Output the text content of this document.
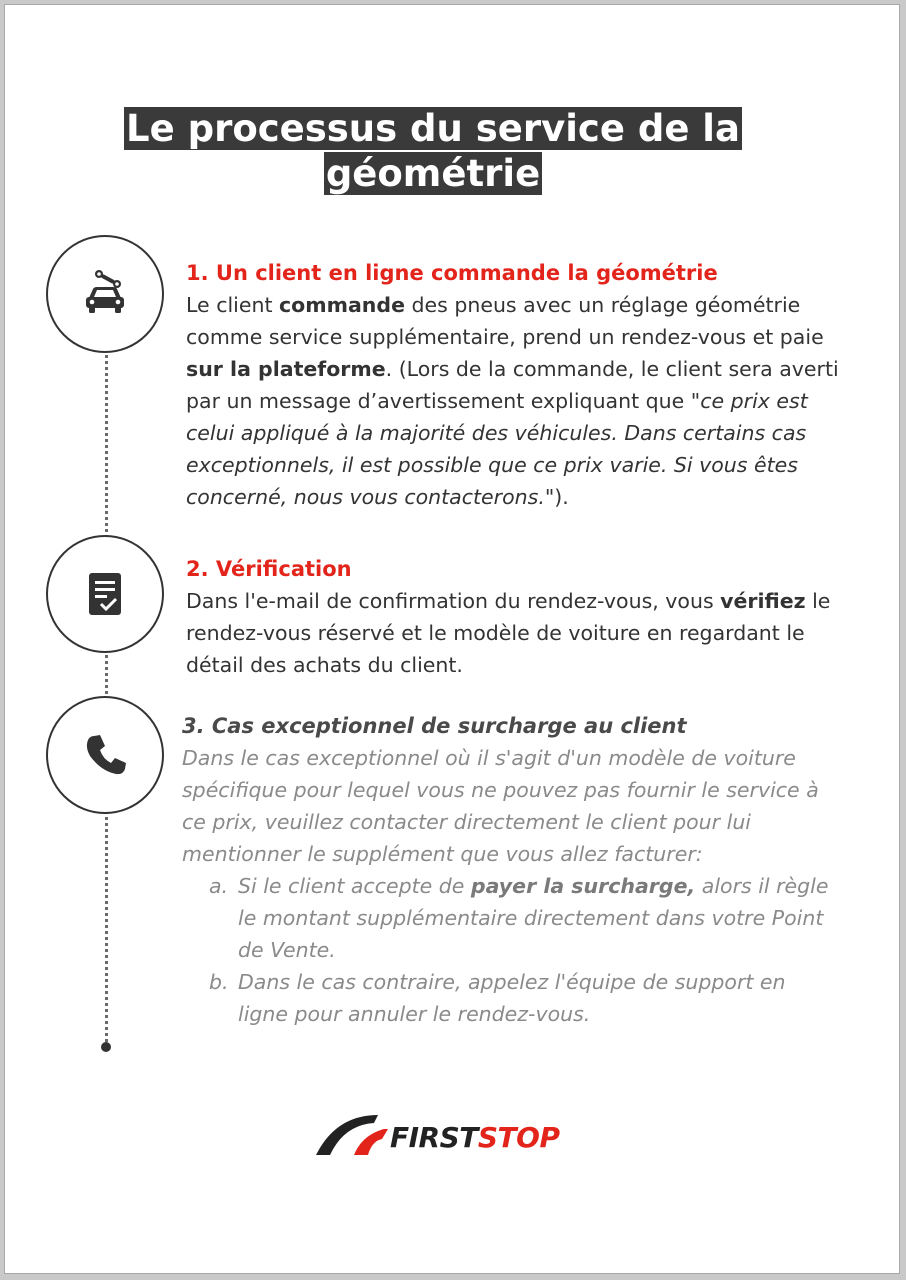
Le processus du service de la
géométrie
1. Un client en ligne commande la géométrie
Le client commande des pneus avec un réglage géométrie comme service supplémentaire, prend un rendez-vous et paie sur la plateforme. (Lors de la commande, le client sera averti par un message d’avertissement expliquant que "ce prix est celui appliqué à la majorité des véhicules. Dans certains cas exceptionnels, il est possible que ce prix varie. Si vous êtes concerné, nous vous contacterons.").
2. Vérification
Dans l'e-mail de confirmation du rendez-vous, vous vérifiez le rendez-vous réservé et le modèle de voiture en regardant le détail des achats du client.
3. Cas exceptionnel de surcharge au client
Dans le cas exceptionnel où il s'agit d'un modèle de voiture spécifique pour lequel vous ne pouvez pas fournir le service à ce prix, veuillez contacter directement le client pour lui mentionner le supplément que vous allez facturer:
a. Si le client accepte de payer la surcharge, alors il règle le montant supplémentaire directement dans votre Point de Vente.
b. Dans le cas contraire, appelez l'équipe de support en ligne pour annuler le rendez-vous.
FIRSTSTOP
